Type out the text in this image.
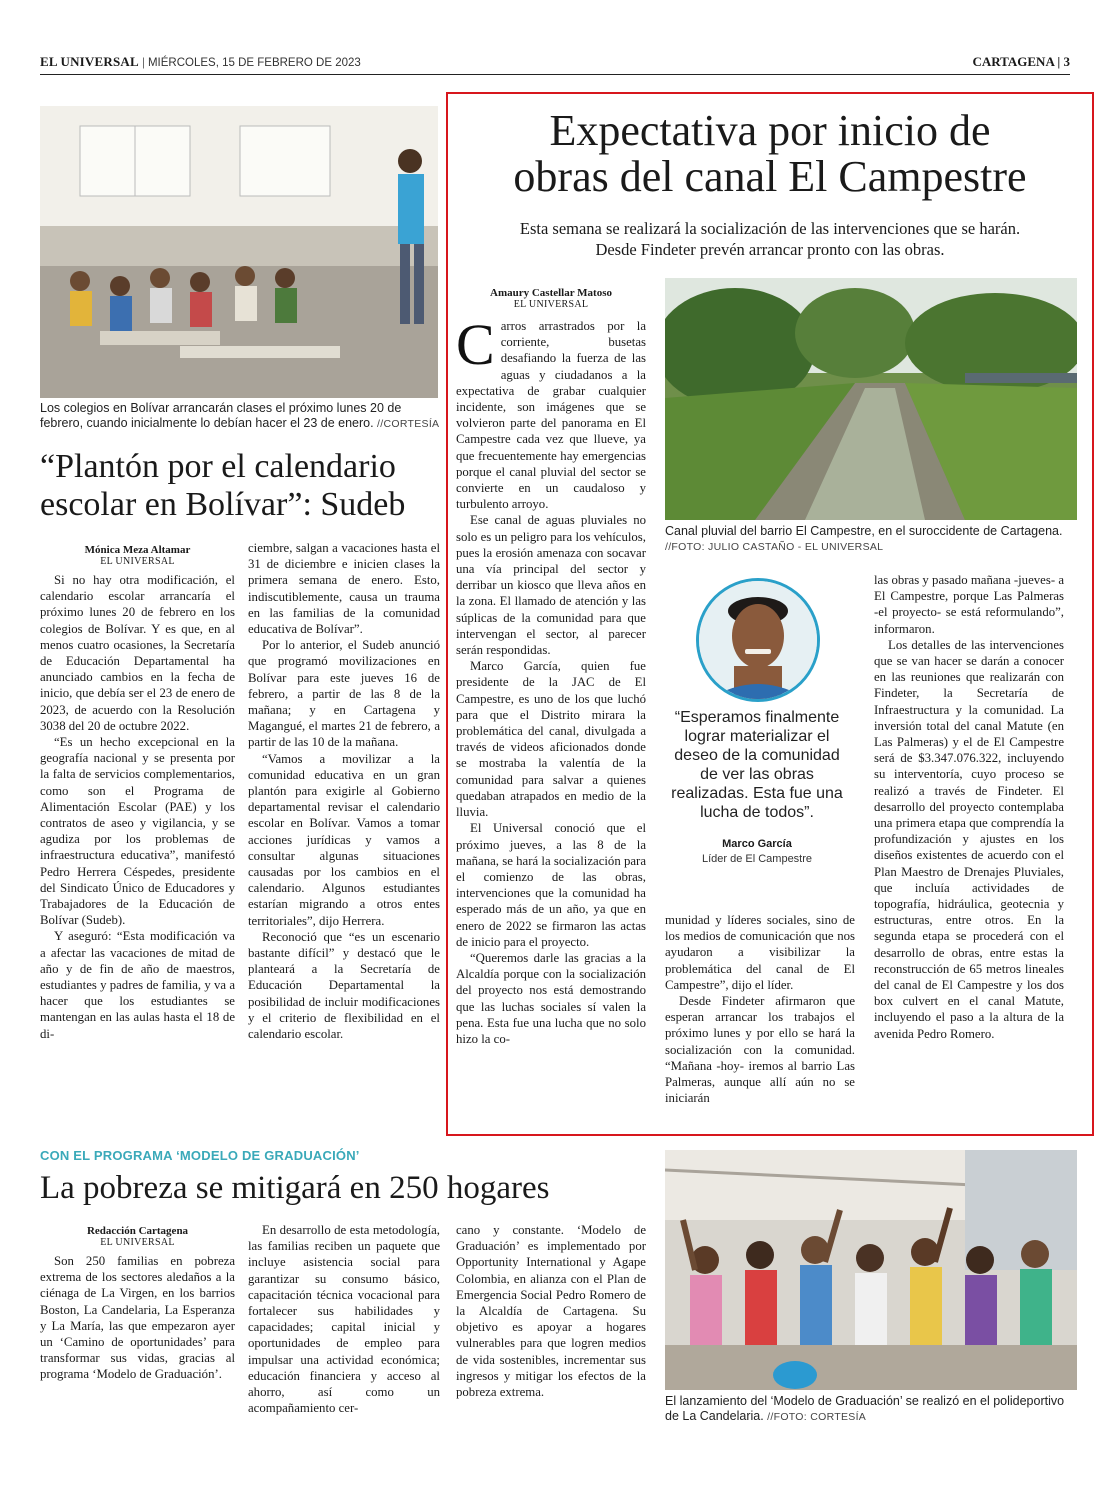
EL UNIVERSAL | MIÉRCOLES, 15 DE FEBRERO DE 2023	CARTAGENA | 3
Los colegios en Bolívar arrancarán clases el próximo lunes 20 de febrero, cuando inicialmente lo debían hacer el 23 de enero. //CORTESÍA
“Plantón por el calendario escolar en Bolívar”: Sudeb
Mónica Meza Altamar
EL UNIVERSAL

Si no hay otra modificación, el calendario escolar arrancaría el próximo lunes 20 de febrero en los colegios de Bolívar. Y es que, en al menos cuatro ocasiones, la Secretaría de Educación Departamental ha anunciado cambios en la fecha de inicio, que debía ser el 23 de enero de 2023, de acuerdo con la Resolución 3038 del 20 de octubre 2022.

“Es un hecho excepcional en la geografía nacional y se presenta por la falta de servicios complementarios, como son el Programa de Alimentación Escolar (PAE) y los contratos de aseo y vigilancia, y se agudiza por los problemas de infraestructura educativa”, manifestó Pedro Herrera Céspedes, presidente del Sindicato Único de Educadores y Trabajadores de la Educación de Bolívar (Sudeb).

Y aseguró: “Esta modificación va a afectar las vacaciones de mitad de año y de fin de año de maestros, estudiantes y padres de familia, y va a hacer que los estudiantes se mantengan en las aulas hasta el 18 de di-

ciembre, salgan a vacaciones hasta el 31 de diciembre e inicien clases la primera semana de enero. Esto, indiscutiblemente, causa un trauma en las familias de la comunidad educativa de Bolívar”.

Por lo anterior, el Sudeb anunció que programó movilizaciones en Bolívar para este jueves 16 de febrero, a partir de las 8 de la mañana; y en Cartagena y Magangué, el martes 21 de febrero, a partir de las 10 de la mañana.

“Vamos a movilizar a la comunidad educativa en un gran plantón para exigirle al Gobierno departamental revisar el calendario escolar en Bolívar. Vamos a tomar acciones jurídicas y vamos a consultar algunas situaciones causadas por los cambios en el calendario. Algunos estudiantes estarían migrando a otros entes territoriales”, dijo Herrera.

Reconoció que “es un escenario bastante difícil” y destacó que le planteará a la Secretaría de Educación Departamental la posibilidad de incluir modificaciones y el criterio de flexibilidad en el calendario escolar.

Expectativa por inicio de
obras del canal El Campestre
Esta semana se realizará la socialización de las intervenciones que se harán.
Desde Findeter prevén arrancar pronto con las obras.
Amaury Castellar Matoso
EL UNIVERSAL

Carros arrastrados por la corriente, busetas desafiando la fuerza de las aguas y ciudadanos a la expectativa de grabar cualquier incidente, son imágenes que se volvieron parte del panorama en El Campestre cada vez que llueve, ya que frecuentemente hay emergencias porque el canal pluvial del sector se convierte en un caudaloso y turbulento arroyo.

Ese canal de aguas pluviales no solo es un peligro para los vehículos, pues la erosión amenaza con socavar una vía principal del sector y derribar un kiosco que lleva años en la zona. El llamado de atención y las súplicas de la comunidad para que intervengan el sector, al parecer serán respondidas.

Marco García, quien fue presidente de la JAC de El Campestre, es uno de los que luchó para que el Distrito mirara la problemática del canal, divulgada a través de videos aficionados donde se mostraba la valentía de la comunidad para salvar a quienes quedaban atrapados en medio de la lluvia.

El Universal conoció que el próximo jueves, a las 8 de la mañana, se hará la socialización para el comienzo de las obras, intervenciones que la comunidad ha esperado más de un año, ya que en enero de 2022 se firmaron las actas de inicio para el proyecto.

“Queremos darle las gracias a la Alcaldía porque con la socialización del proyecto nos está demostrando que las luchas sociales sí valen la pena. Esta fue una lucha que no solo hizo la co-

Canal pluvial del barrio El Campestre, en el suroccidente de Cartagena. //FOTO: JULIO CASTAÑO - EL UNIVERSAL
“Esperamos finalmente lograr materializar el deseo de la comunidad de ver las obras realizadas. Esta fue una lucha de todos”.
Marco García
Líder de El Campestre

munidad y líderes sociales, sino de los medios de comunicación que nos ayudaron a visibilizar la problemática del canal de El Campestre”, dijo el líder.

Desde Findeter afirmaron que esperan arrancar los trabajos el próximo lunes y por ello se hará la socialización con la comunidad. “Mañana -hoy- iremos al barrio Las Palmeras, aunque allí aún no se iniciarán

las obras y pasado mañana -jueves- a El Campestre, porque Las Palmeras -el proyecto- se está reformulando”, informaron.

Los detalles de las intervenciones que se van hacer se darán a conocer en las reuniones que realizarán con Findeter, la Secretaría de Infraestructura y la comunidad. La inversión total del canal Matute (en Las Palmeras) y el de El Campestre será de $3.347.076.322, incluyendo su interventoría, cuyo proceso se realizó a través de Findeter. El desarrollo del proyecto contemplaba una primera etapa que comprendía la profundización y ajustes en los diseños existentes de acuerdo con el Plan Maestro de Drenajes Pluviales, que incluía actividades de topografía, hidráulica, geotecnia y estructuras, entre otros. En la segunda etapa se procederá con el desarrollo de obras, entre estas la reconstrucción de 65 metros lineales del canal de El Campestre y los dos box culvert en el canal Matute, incluyendo el paso a la altura de la avenida Pedro Romero.

CON EL PROGRAMA ‘MODELO DE GRADUACIÓN’
La pobreza se mitigará en 250 hogares
Redacción Cartagena
EL UNIVERSAL

Son 250 familias en pobreza extrema de los sectores aledaños a la ciénaga de La Virgen, en los barrios Boston, La Candelaria, La Esperanza y La María, las que empezaron ayer un ‘Camino de oportunidades’ para transformar sus vidas, gracias al programa ‘Modelo de Graduación’.

En desarrollo de esta metodología, las familias reciben un paquete que incluye asistencia social para garantizar su consumo básico, capacitación técnica vocacional para fortalecer sus habilidades y capacidades; capital inicial y oportunidades de empleo para impulsar una actividad económica; educación financiera y acceso al ahorro, así como un acompañamiento cer-

cano y constante. ‘Modelo de Graduación’ es implementado por Opportunity International y Agape Colombia, en alianza con el Plan de Emergencia Social Pedro Romero de la Alcaldía de Cartagena. Su objetivo es apoyar a hogares vulnerables para que logren medios de vida sostenibles, incrementar sus ingresos y mitigar los efectos de la pobreza extrema.

El lanzamiento del ‘Modelo de Graduación’ se realizó en el polideportivo de La Candelaria. //FOTO: CORTESÍA
